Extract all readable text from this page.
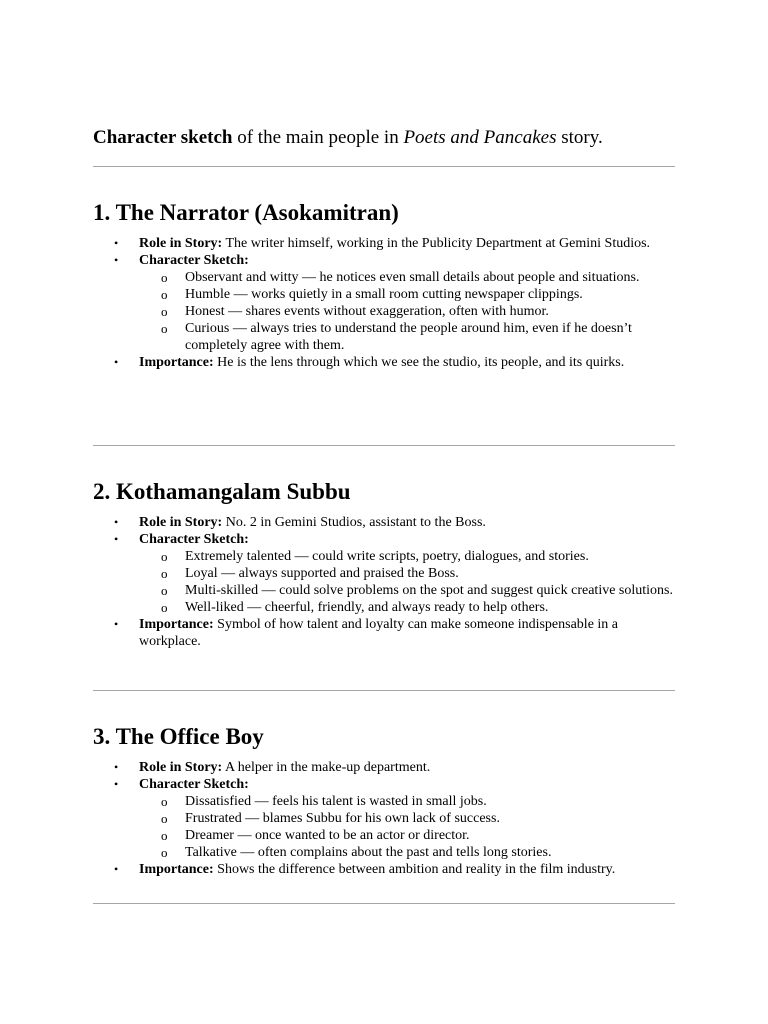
Character sketch of the main people in Poets and Pancakes story.
1. The Narrator (Asokamitran)
• Role in Story: The writer himself, working in the Publicity Department at Gemini Studios.
• Character Sketch:
o Observant and witty — he notices even small details about people and situations.
o Humble — works quietly in a small room cutting newspaper clippings.
o Honest — shares events without exaggeration, often with humor.
o Curious — always tries to understand the people around him, even if he doesn’t completely agree with them.
• Importance: He is the lens through which we see the studio, its people, and its quirks.
2. Kothamangalam Subbu
• Role in Story: No. 2 in Gemini Studios, assistant to the Boss.
• Character Sketch:
o Extremely talented — could write scripts, poetry, dialogues, and stories.
o Loyal — always supported and praised the Boss.
o Multi-skilled — could solve problems on the spot and suggest quick creative solutions.
o Well-liked — cheerful, friendly, and always ready to help others.
• Importance: Symbol of how talent and loyalty can make someone indispensable in a workplace.
3. The Office Boy
• Role in Story: A helper in the make-up department.
• Character Sketch:
o Dissatisfied — feels his talent is wasted in small jobs.
o Frustrated — blames Subbu for his own lack of success.
o Dreamer — once wanted to be an actor or director.
o Talkative — often complains about the past and tells long stories.
• Importance: Shows the difference between ambition and reality in the film industry.
